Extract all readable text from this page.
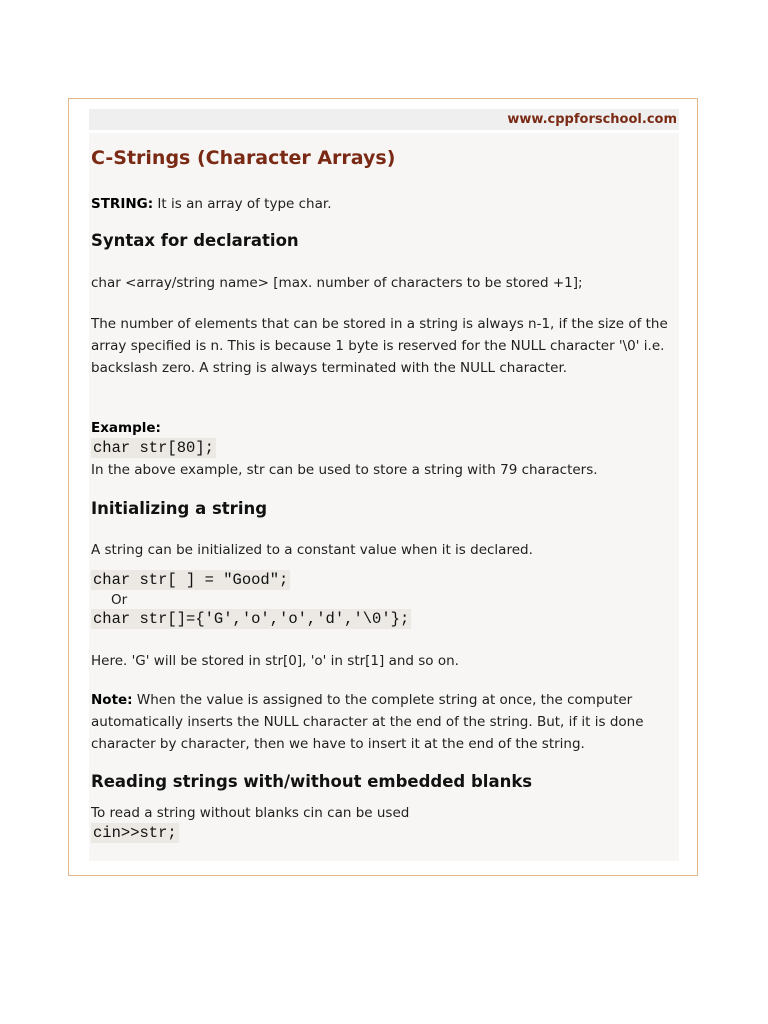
www.cppforschool.com
C-Strings (Character Arrays)

STRING: It is an array of type char.

Syntax for declaration

char <array/string name> [max. number of characters to be stored +1];

The number of elements that can be stored in a string is always n-1, if the size of the array specified is n. This is because 1 byte is reserved for the NULL character '\0' i.e. backslash zero. A string is always terminated with the NULL character.

Example:

char str[80];

In the above example, str can be used to store a string with 79 characters.

Initializing a string

A string can be initialized to a constant value when it is declared.

char str[ ] = "Good";
Or
char str[]={'G','o','o','d','\0'};

Here. 'G' will be stored in str[0], 'o' in str[1] and so on.

Note: When the value is assigned to the complete string at once, the computer automatically inserts the NULL character at the end of the string. But, if it is done character by character, then we have to insert it at the end of the string.

Reading strings with/without embedded blanks

To read a string without blanks cin can be used

cin>>str;
